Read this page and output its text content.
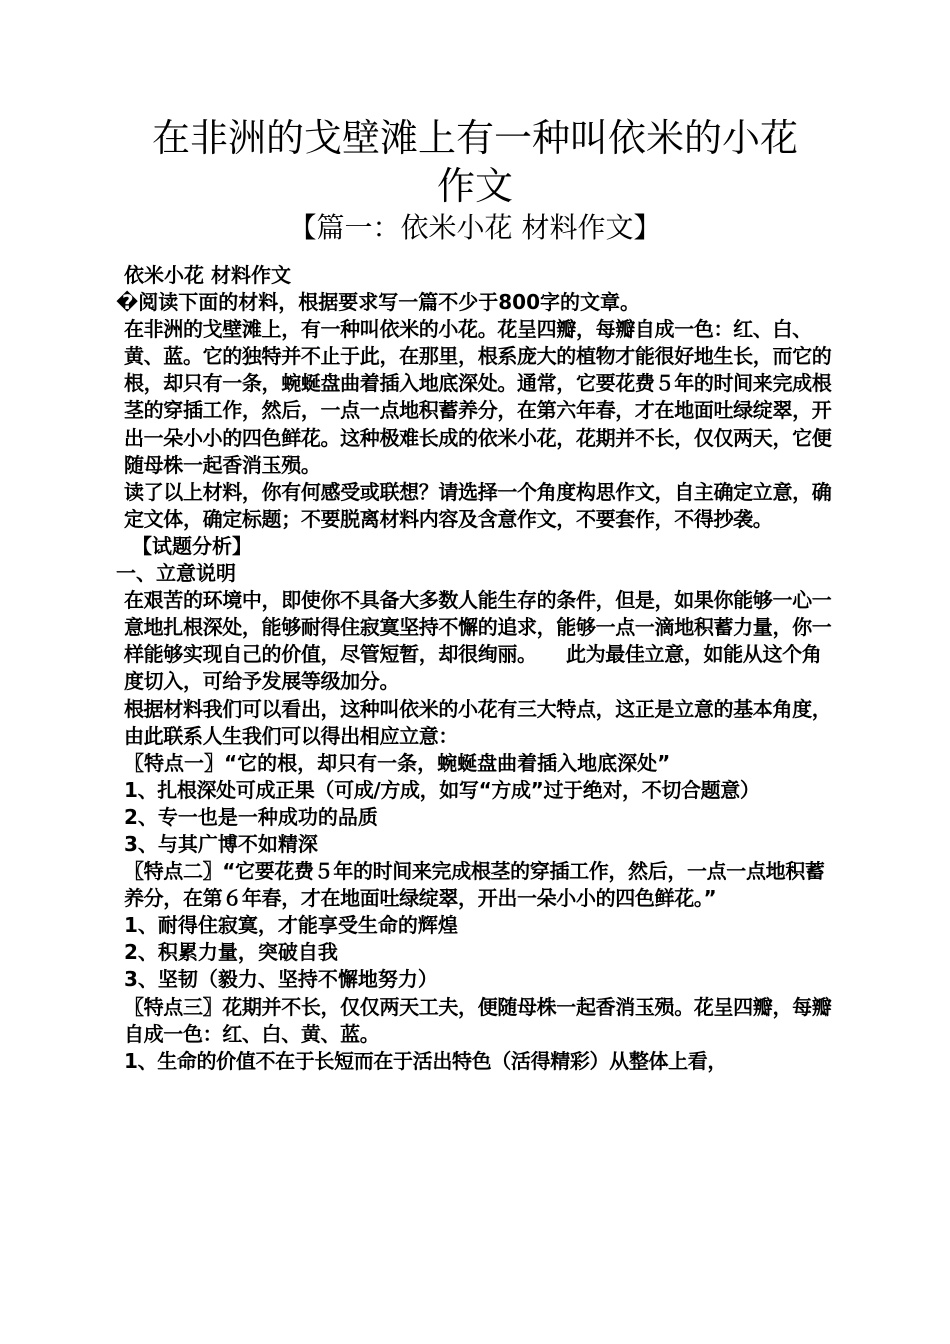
在非洲的戈壁滩上有一种叫依米的小花
作文

【篇一：依米小花 材料作文】

依米小花 材料作文

�阅读下面的材料，根据要求写一篇不少于800字的文章。

在非洲的戈壁滩上，有一种叫依米的小花。花呈四瓣，每瓣自成一色：红、白、黄、蓝。它的独特并不止于此，在那里，根系庞大的植物才能很好地生长，而它的根，却只有一条，蜿蜒盘曲着插入地底深处。通常，它要花费５年的时间来完成根茎的穿插工作，然后，一点一点地积蓄养分，在第六年春，才在地面吐绿绽翠，开出一朵小小的四色鲜花。这种极难长成的依米小花，花期并不长，仅仅两天，它便随母株一起香消玉殒。

读了以上材料，你有何感受或联想？请选择一个角度构思作文，自主确定立意，确定文体，确定标题；不要脱离材料内容及含意作文，不要套作，不得抄袭。

【试题分析】

一、立意说明

在艰苦的环境中，即使你不具备大多数人能生存的条件，但是，如果你能够一心一意地扎根深处，能够耐得住寂寞坚持不懈的追求，能够一点一滴地积蓄力量，你一样能够实现自己的价值，尽管短暂，却很绚丽。　　此为最佳立意，如能从这个角度切入，可给予发展等级加分。

根据材料我们可以看出，这种叫依米的小花有三大特点，这正是立意的基本角度，由此联系人生我们可以得出相应立意：

〖特点一〗“它的根，却只有一条，蜿蜒盘曲着插入地底深处”

1、扎根深处可成正果（可成/方成，如写“方成”过于绝对，不切合题意）

2、专一也是一种成功的品质

3、与其广博不如精深

〖特点二〗“它要花费５年的时间来完成根茎的穿插工作，然后，一点一点地积蓄养分，在第６年春，才在地面吐绿绽翠，开出一朵小小的四色鲜花。”

1、耐得住寂寞，才能享受生命的辉煌

2、积累力量，突破自我

3、坚韧（毅力、坚持不懈地努力）

〖特点三〗花期并不长，仅仅两天工夫，便随母株一起香消玉殒。花呈四瓣，每瓣自成一色：红、白、黄、蓝。

1、生命的价值不在于长短而在于活出特色（活得精彩）从整体上看，
